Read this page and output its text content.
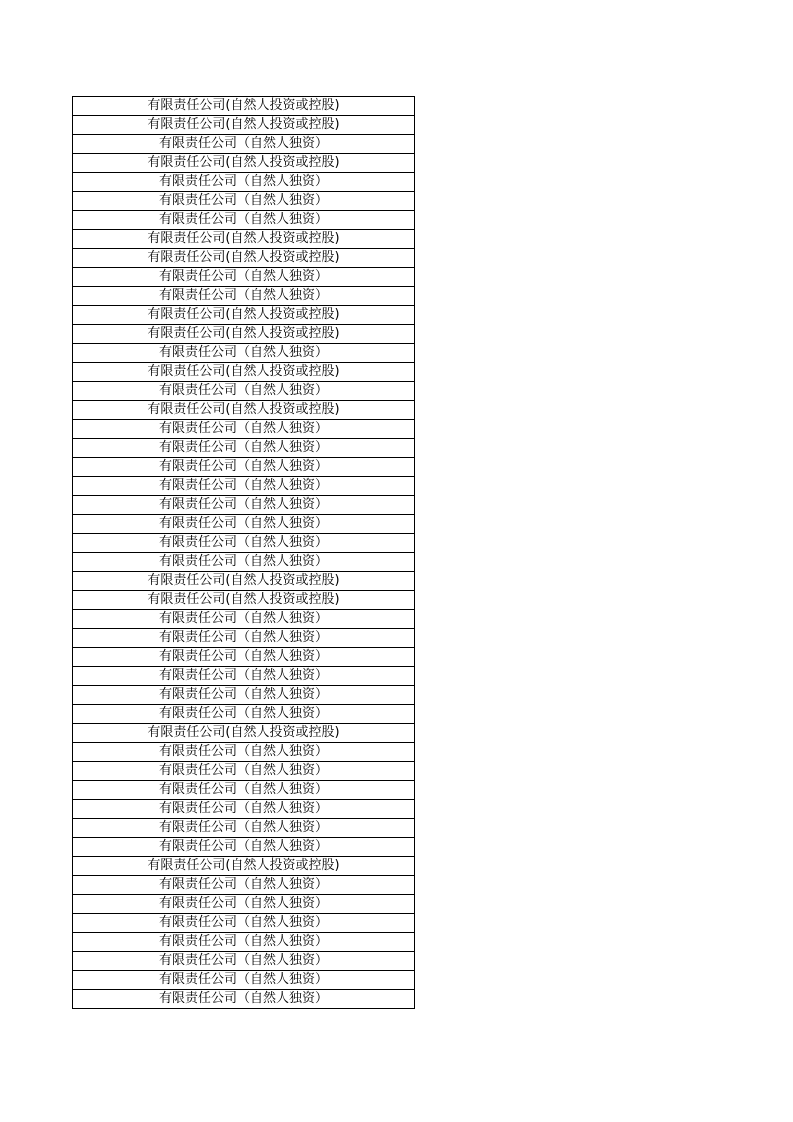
有限责任公司(自然人投资或控股)
有限责任公司(自然人投资或控股)
有限责任公司（自然人独资）
有限责任公司(自然人投资或控股)
有限责任公司（自然人独资）
有限责任公司（自然人独资）
有限责任公司（自然人独资）
有限责任公司(自然人投资或控股)
有限责任公司(自然人投资或控股)
有限责任公司（自然人独资）
有限责任公司（自然人独资）
有限责任公司(自然人投资或控股)
有限责任公司(自然人投资或控股)
有限责任公司（自然人独资）
有限责任公司(自然人投资或控股)
有限责任公司（自然人独资）
有限责任公司(自然人投资或控股)
有限责任公司（自然人独资）
有限责任公司（自然人独资）
有限责任公司（自然人独资）
有限责任公司（自然人独资）
有限责任公司（自然人独资）
有限责任公司（自然人独资）
有限责任公司（自然人独资）
有限责任公司（自然人独资）
有限责任公司(自然人投资或控股)
有限责任公司(自然人投资或控股)
有限责任公司（自然人独资）
有限责任公司（自然人独资）
有限责任公司（自然人独资）
有限责任公司（自然人独资）
有限责任公司（自然人独资）
有限责任公司（自然人独资）
有限责任公司(自然人投资或控股)
有限责任公司（自然人独资）
有限责任公司（自然人独资）
有限责任公司（自然人独资）
有限责任公司（自然人独资）
有限责任公司（自然人独资）
有限责任公司（自然人独资）
有限责任公司(自然人投资或控股)
有限责任公司（自然人独资）
有限责任公司（自然人独资）
有限责任公司（自然人独资）
有限责任公司（自然人独资）
有限责任公司（自然人独资）
有限责任公司（自然人独资）
有限责任公司（自然人独资）
